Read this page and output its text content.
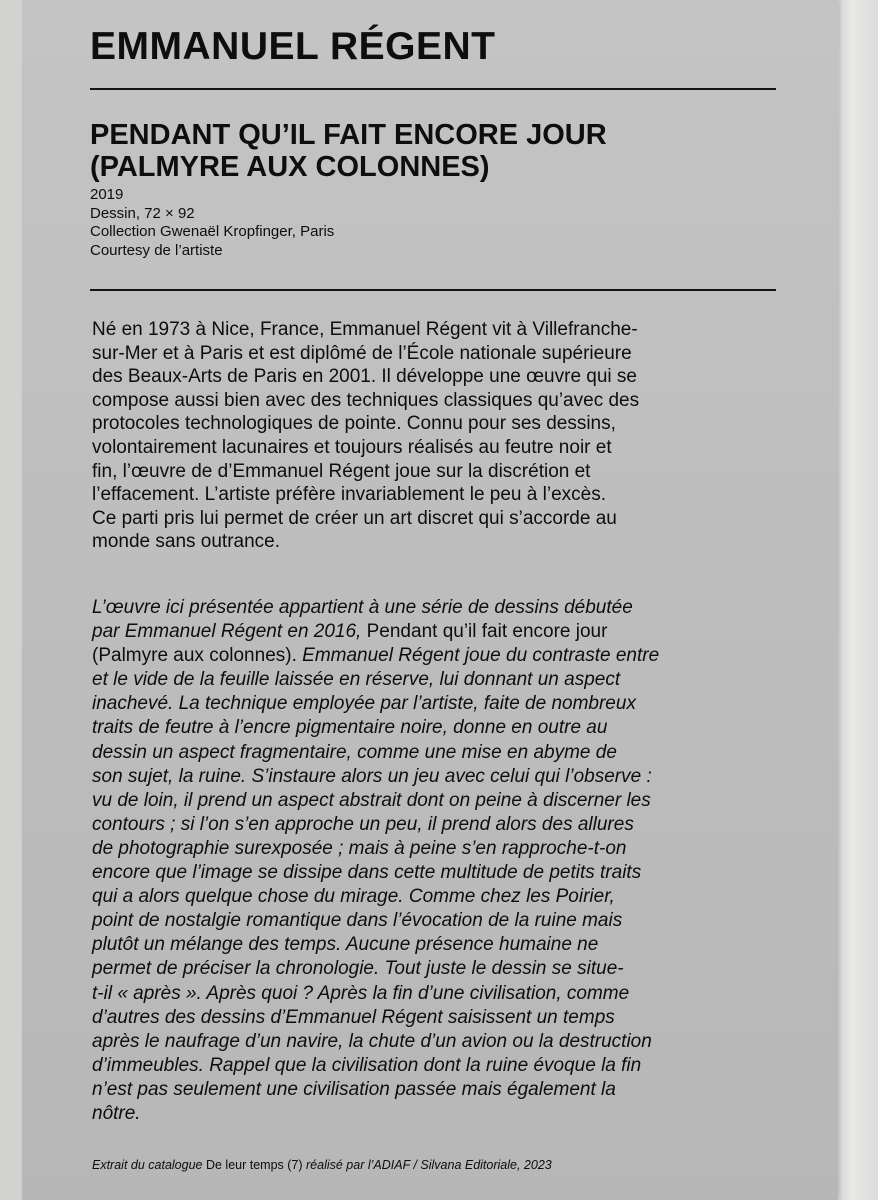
EMMANUEL RÉGENT
PENDANT QU’IL FAIT ENCORE JOUR
(PALMYRE AUX COLONNES)
2019
Dessin, 72 × 92
Collection Gwenaël Kropfinger, Paris
Courtesy de l’artiste
Né en 1973 à Nice, France, Emmanuel Régent vit à Villefranche-
sur-Mer et à Paris et est diplômé de l’École nationale supérieure
des Beaux-Arts de Paris en 2001. Il développe une œuvre qui se
compose aussi bien avec des techniques classiques qu’avec des
protocoles technologiques de pointe. Connu pour ses dessins,
volontairement lacunaires et toujours réalisés au feutre noir et
fin, l’œuvre de d’Emmanuel Régent joue sur la discrétion et
l’effacement. L’artiste préfère invariablement le peu à l’excès.
Ce parti pris lui permet de créer un art discret qui s’accorde au
monde sans outrance.
L’œuvre ici présentée appartient à une série de dessins débutée
par Emmanuel Régent en 2016, Pendant qu’il fait encore jour
(Palmyre aux colonnes). Emmanuel Régent joue du contraste entre
et le vide de la feuille laissée en réserve, lui donnant un aspect
inachevé. La technique employée par l’artiste, faite de nombreux
traits de feutre à l’encre pigmentaire noire, donne en outre au
dessin un aspect fragmentaire, comme une mise en abyme de
son sujet, la ruine. S’instaure alors un jeu avec celui qui l’observe :
vu de loin, il prend un aspect abstrait dont on peine à discerner les
contours ; si l’on s’en approche un peu, il prend alors des allures
de photographie surexposée ; mais à peine s’en rapproche-t-on
encore que l’image se dissipe dans cette multitude de petits traits
qui a alors quelque chose du mirage. Comme chez les Poirier,
point de nostalgie romantique dans l’évocation de la ruine mais
plutôt un mélange des temps. Aucune présence humaine ne
permet de préciser la chronologie. Tout juste le dessin se situe-
t-il « après ». Après quoi ? Après la fin d’une civilisation, comme
d’autres des dessins d’Emmanuel Régent saisissent un temps
après le naufrage d’un navire, la chute d’un avion ou la destruction
d’immeubles. Rappel que la civilisation dont la ruine évoque la fin
n’est pas seulement une civilisation passée mais également la
nôtre.
Extrait du catalogue De leur temps (7) réalisé par l’ADIAF / Silvana Editoriale, 2023
